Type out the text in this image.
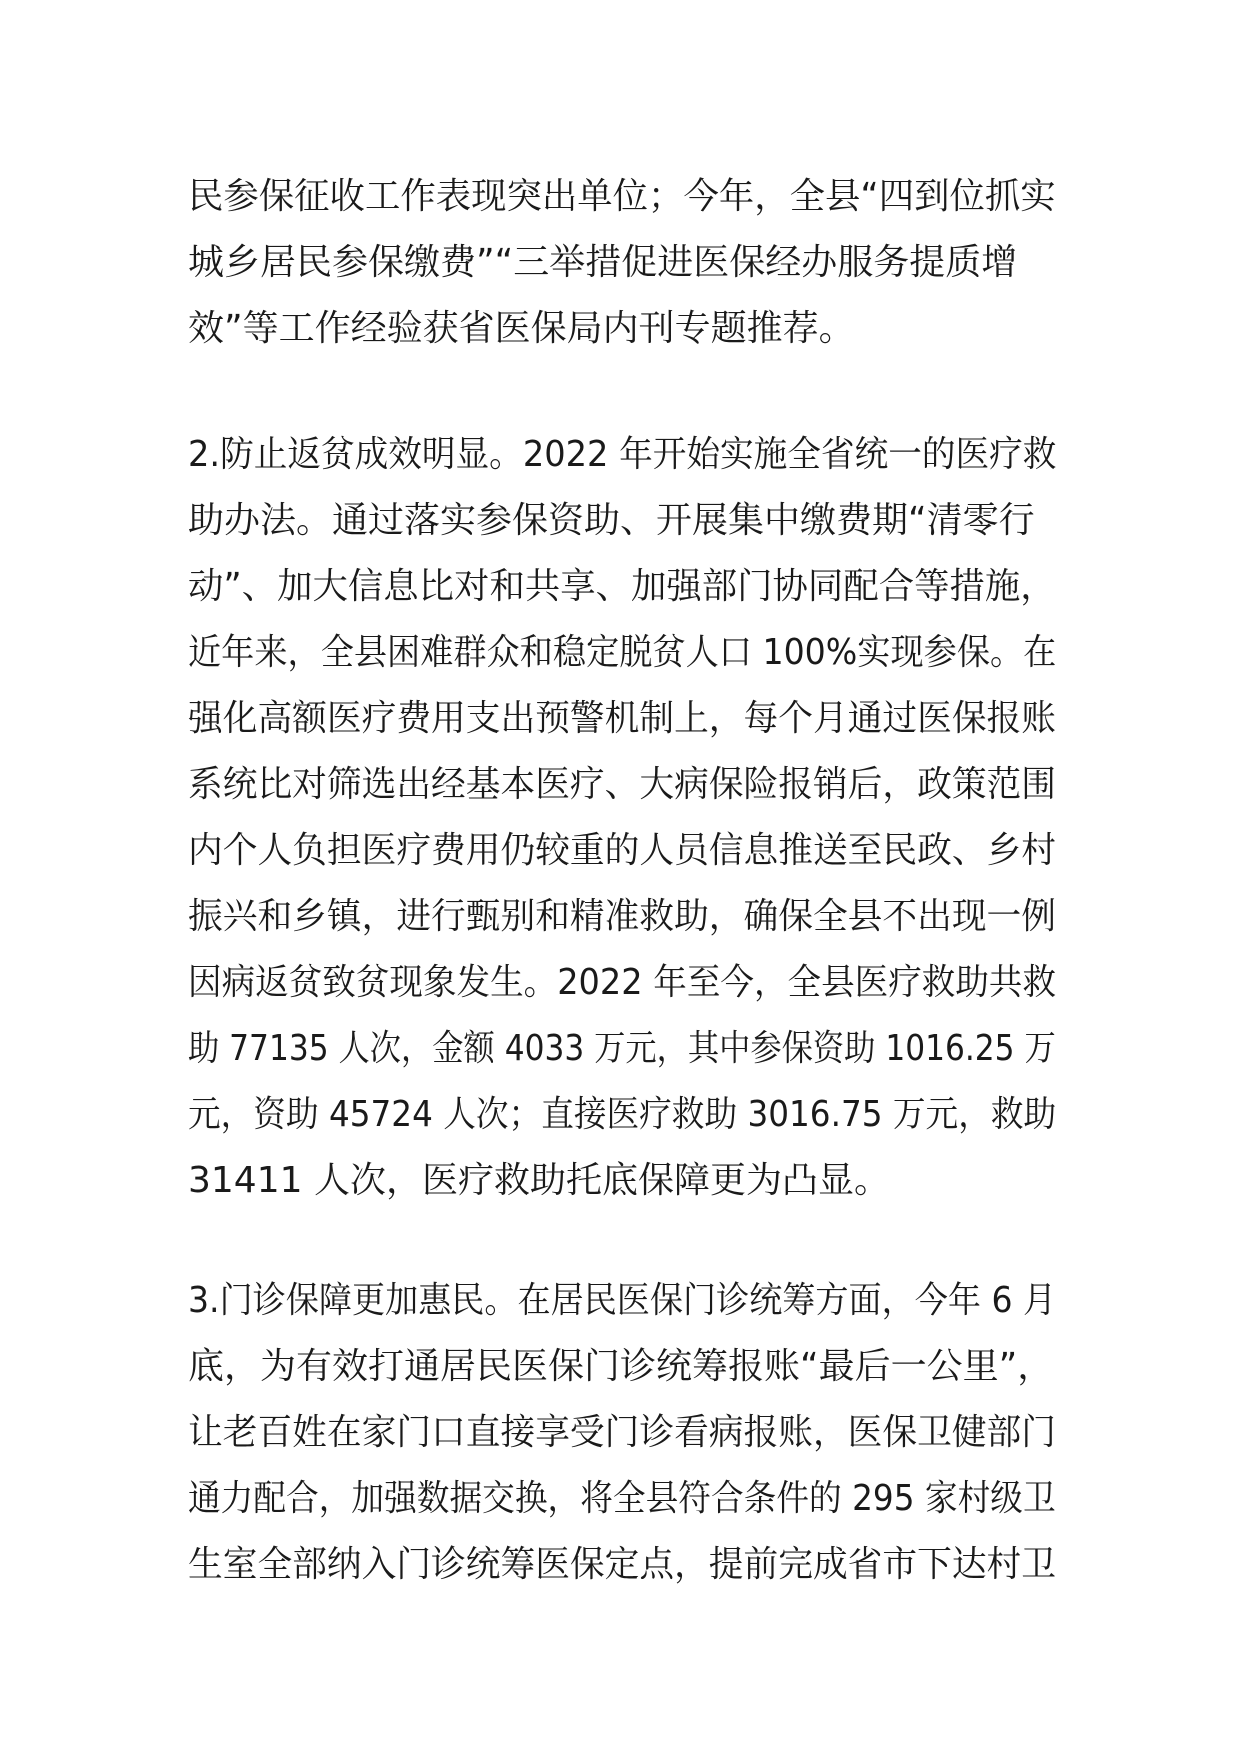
民参保征收工作表现突出单位；今年，全县“四到位抓实
城乡居民参保缴费”“三举措促进医保经办服务提质增
效”等工作经验获省医保局内刊专题推荐。
2.防止返贫成效明显。2022 年开始实施全省统一的医疗救
助办法。通过落实参保资助、开展集中缴费期“清零行
动”、加大信息比对和共享、加强部门协同配合等措施，
近年来，全县困难群众和稳定脱贫人口 100%实现参保。在
强化高额医疗费用支出预警机制上，每个月通过医保报账
系统比对筛选出经基本医疗、大病保险报销后，政策范围
内个人负担医疗费用仍较重的人员信息推送至民政、乡村
振兴和乡镇，进行甄别和精准救助，确保全县不出现一例
因病返贫致贫现象发生。2022 年至今，全县医疗救助共救
助 77135 人次，金额 4033 万元，其中参保资助 1016.25 万
元，资助 45724 人次；直接医疗救助 3016.75 万元，救助
31411 人次，医疗救助托底保障更为凸显。
3.门诊保障更加惠民。在居民医保门诊统筹方面，今年 6 月
底，为有效打通居民医保门诊统筹报账“最后一公里”，
让老百姓在家门口直接享受门诊看病报账，医保卫健部门
通力配合，加强数据交换，将全县符合条件的 295 家村级卫
生室全部纳入门诊统筹医保定点，提前完成省市下达村卫
